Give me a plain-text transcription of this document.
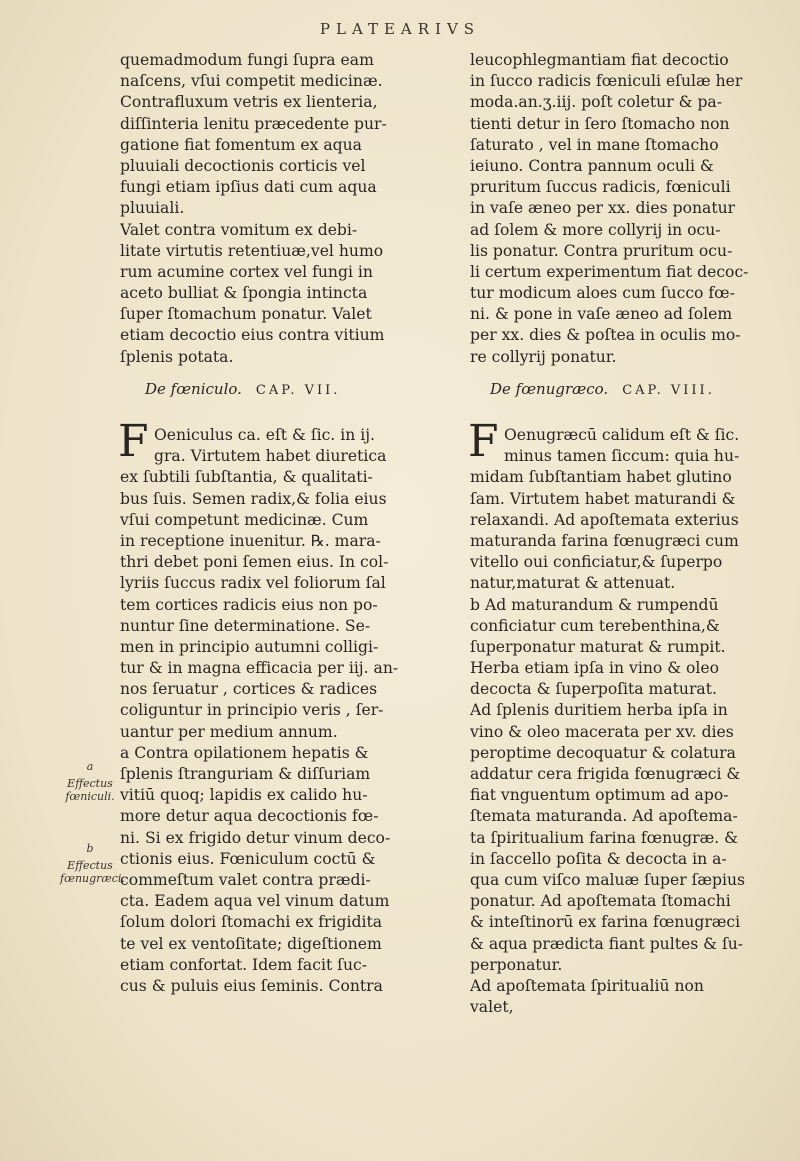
PLATEARIVS
quemadmodum fungi ſupra eam
naſcens, vſui competit medicinæ.
Contrafluxum vetris ex lienteria,
diſſinteria lenitu præcedente pur-
gatione fiat fomentum ex aqua
pluuiali decoctionis corticis vel
fungi etiam ipſius dati cum aqua
pluuiali.
Valet contra vomitum ex debi-
litate virtutis retentiuæ,vel humo
rum acumine cortex vel fungi in
aceto bulliat & ſpongia intincta
ſuper ſtomachum ponatur. Valet
etiam decoctio eius contra vitium
ſplenis potata.
leucophlegmantiam fiat decoctio
in ſucco radicis fœniculi eſulæ her
moda.an.ʒ.iij. poſt coletur & pa-
tienti detur in ſero ſtomacho non
ſaturato , vel in mane ſtomacho
ieiuno. Contra pannum oculi &
pruritum ſuccus radicis, fœniculi
in vaſe æneo per xx. dies ponatur
ad ſolem & more collyrij in ocu-
lis ponatur. Contra pruritum ocu-
li certum experimentum fiat decoc-
tur modicum aloes cum ſucco fœ-
ni. & pone in vaſe æneo ad ſolem
per xx. dies & poſtea in oculis mo-
re collyrij ponatur.
De fœniculo. CAP. VII.	De fœnugræco. CAP. VIII.
F	F
Oeniculus ca. eſt & ſic. in ij.
gra. Virtutem habet diuretica
ex ſubtili ſubſtantia, & qualitati-
bus ſuis. Semen radix,& folia eius
vſui competunt medicinæ. Cum
in receptione inuenitur. ℞. mara-
thri debet poni ſemen eius. In col-
lyriis ſuccus radix vel foliorum ſal
tem cortices radicis eius non po-
nuntur ſine determinatione. Se-
men in principio autumni colligi-
tur & in magna efficacia per iij. an-
nos ſeruatur , cortices & radices
coliguntur in principio veris , ſer-
uantur per medium annum.
a Contra opilationem hepatis &
ſplenis ſtranguriam & diſſuriam
vitiū quoq; lapidis ex calido hu-
more detur aqua decoctionis fœ-
ni. Si ex frigido detur vinum deco-
ctionis eius. Fœniculum coctū &
commeſtum valet contra prædi-
cta. Eadem aqua vel vinum datum
ſolum dolori ſtomachi ex frigidita
te vel ex ventoſitate; digeſtionem
etiam confortat. Idem facit ſuc-
cus & puluis eius ſeminis. Contra
Oenugræcū calidum eſt & ſic.
minus tamen ſiccum: quia hu-
midam ſubſtantiam habet glutino
ſam. Virtutem habet maturandi &
relaxandi. Ad apoſtemata exterius
maturanda farina fœnugræci cum
vitello oui conficiatur,& ſuperpo
natur,maturat & attenuat.
b Ad maturandum & rumpendū
conficiatur cum terebenthina,&
ſuperponatur maturat & rumpit.
Herba etiam ipſa in vino & oleo
decocta & ſuperpoſita maturat.
Ad ſplenis duritiem herba ipſa in
vino & oleo macerata per xv. dies
peroptime decoquatur & colatura
addatur cera frigida fœnugræci &
fiat vnguentum optimum ad apo-
ſtemata maturanda. Ad apoſtema-
ta ſpiritualium farina fœnugræ. &
in ſaccello poſita & decocta in a-
qua cum viſco maluæ ſuper ſæpius
ponatur. Ad apoſtemata ſtomachi
& inteſtinorū ex farina fœnugræci
& aqua prædicta fiant pultes & ſu-
perponatur.
Ad apoſtemata ſpiritualiū non
valet,
a
Effectus fœniculi.
b
Effectus fœnugræci.
